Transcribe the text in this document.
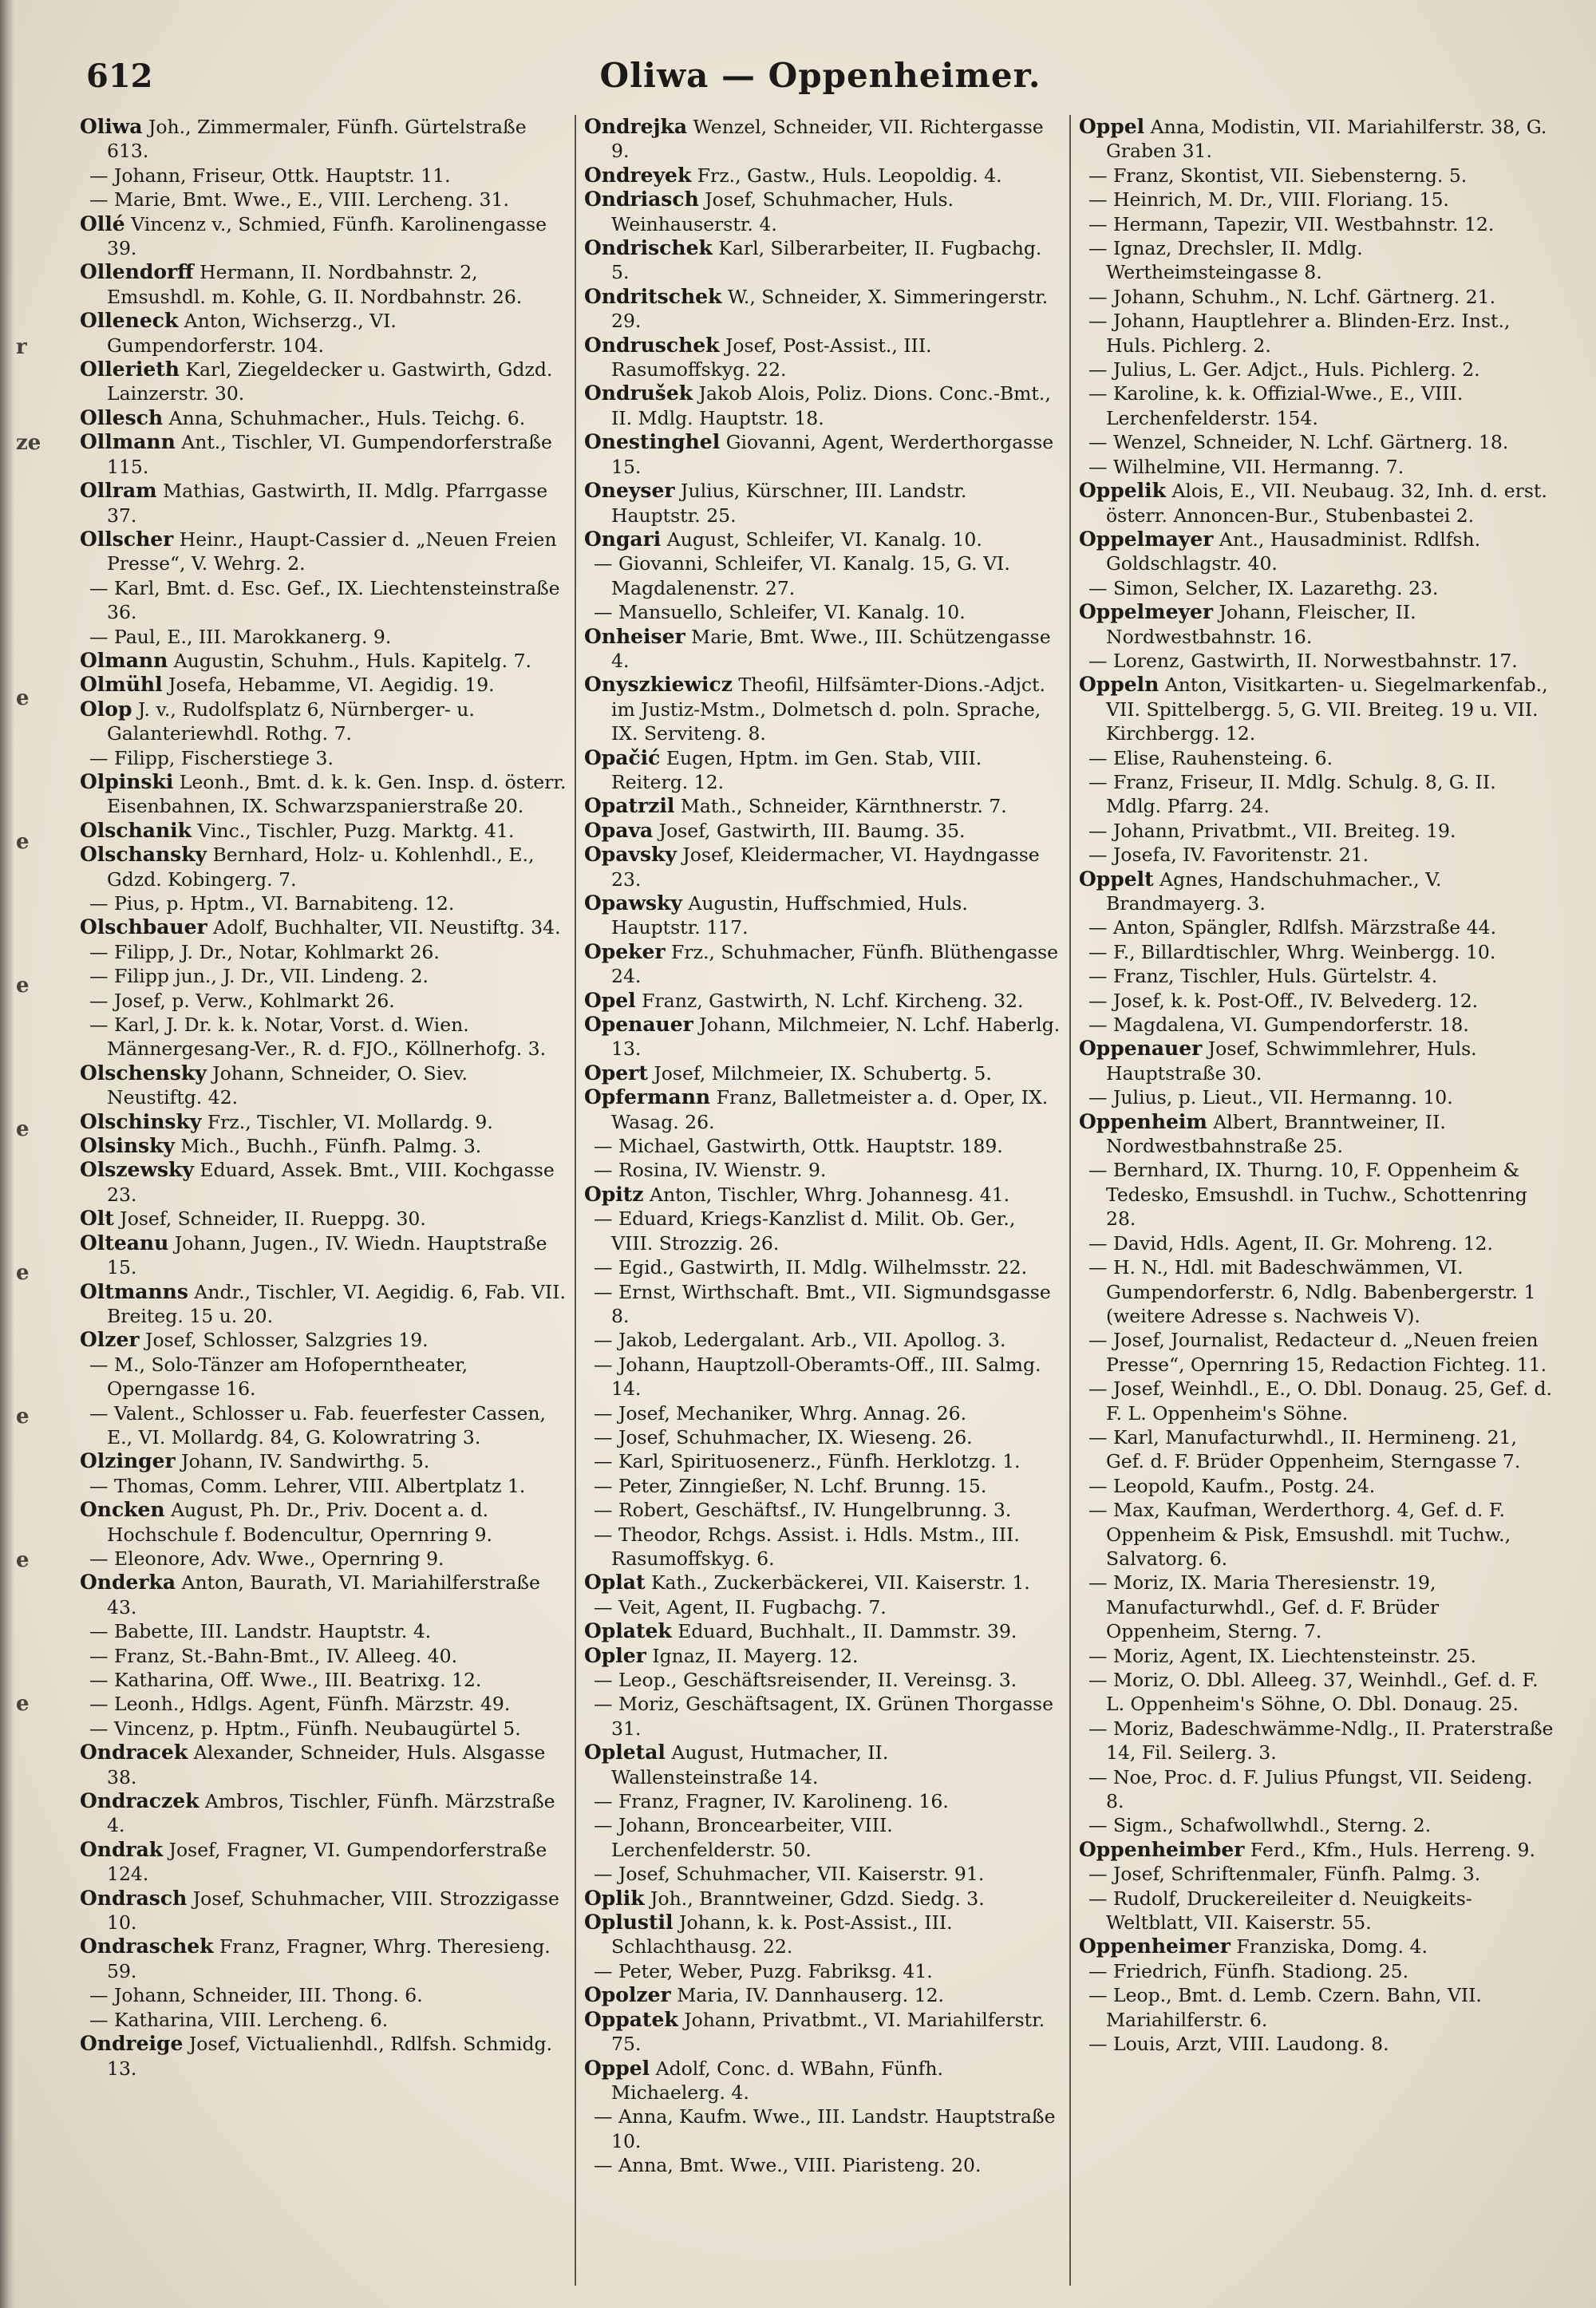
r
ze
e
e
e
e
e
e
e
e
612	Oliwa — Oppenheimer.

Oliwa Joh., Zimmermaler, Fünfh. Gürtelstraße 613.

— Johann, Friseur, Ottk. Hauptstr. 11.

— Marie, Bmt. Wwe., E., VIII. Lercheng. 31.

Ollé Vincenz v., Schmied, Fünfh. Karolinengasse 39.

Ollendorff Hermann, II. Nordbahnstr. 2, Emsushdl. m. Kohle, G. II. Nordbahnstr. 26.

Olleneck Anton, Wichserzg., VI. Gumpendorferstr. 104.

Ollerieth Karl, Ziegeldecker u. Gastwirth, Gdzd. Lainzerstr. 30.

Ollesch Anna, Schuhmacher., Huls. Teichg. 6.

Ollmann Ant., Tischler, VI. Gumpendorferstraße 115.

Ollram Mathias, Gastwirth, II. Mdlg. Pfarrgasse 37.

Ollscher Heinr., Haupt-Cassier d. „Neuen Freien Presse“, V. Wehrg. 2.

— Karl, Bmt. d. Esc. Gef., IX. Liechtensteinstraße 36.

— Paul, E., III. Marokkanerg. 9.

Olmann Augustin, Schuhm., Huls. Kapitelg. 7.

Olmühl Josefa, Hebamme, VI. Aegidig. 19.

Olop J. v., Rudolfsplatz 6, Nürnberger- u. Galanteriewhdl. Rothg. 7.

— Filipp, Fischerstiege 3.

Olpinski Leonh., Bmt. d. k. k. Gen. Insp. d. österr. Eisenbahnen, IX. Schwarzspanierstraße 20.

Olschanik Vinc., Tischler, Puzg. Marktg. 41.

Olschansky Bernhard, Holz- u. Kohlenhdl., E., Gdzd. Kobingerg. 7.

— Pius, p. Hptm., VI. Barnabiteng. 12.

Olschbauer Adolf, Buchhalter, VII. Neustiftg. 34.

— Filipp, J. Dr., Notar, Kohlmarkt 26.

— Filipp jun., J. Dr., VII. Lindeng. 2.

— Josef, p. Verw., Kohlmarkt 26.

— Karl, J. Dr. k. k. Notar, Vorst. d. Wien. Männergesang-Ver., R. d. FJO., Köllnerhofg. 3.

Olschensky Johann, Schneider, O. Siev. Neustiftg. 42.

Olschinsky Frz., Tischler, VI. Mollardg. 9.

Olsinsky Mich., Buchh., Fünfh. Palmg. 3.

Olszewsky Eduard, Assek. Bmt., VIII. Kochgasse 23.

Olt Josef, Schneider, II. Rueppg. 30.

Olteanu Johann, Jugen., IV. Wiedn. Hauptstraße 15.

Oltmanns Andr., Tischler, VI. Aegidig. 6, Fab. VII. Breiteg. 15 u. 20.

Olzer Josef, Schlosser, Salzgries 19.

— M., Solo-Tänzer am Hofoperntheater, Operngasse 16.

— Valent., Schlosser u. Fab. feuerfester Cassen, E., VI. Mollardg. 84, G. Kolowratring 3.

Olzinger Johann, IV. Sandwirthg. 5.

— Thomas, Comm. Lehrer, VIII. Albertplatz 1.

Oncken August, Ph. Dr., Priv. Docent a. d. Hochschule f. Bodencultur, Opernring 9.

— Eleonore, Adv. Wwe., Opernring 9.

Onderka Anton, Baurath, VI. Mariahilferstraße 43.

— Babette, III. Landstr. Hauptstr. 4.

— Franz, St.-Bahn-Bmt., IV. Alleeg. 40.

— Katharina, Off. Wwe., III. Beatrixg. 12.

— Leonh., Hdlgs. Agent, Fünfh. Märzstr. 49.

— Vincenz, p. Hptm., Fünfh. Neubaugürtel 5.

Ondracek Alexander, Schneider, Huls. Alsgasse 38.

Ondraczek Ambros, Tischler, Fünfh. Märzstraße 4.

Ondrak Josef, Fragner, VI. Gumpendorferstraße 124.

Ondrasch Josef, Schuhmacher, VIII. Strozzigasse 10.

Ondraschek Franz, Fragner, Whrg. Theresieng. 59.

— Johann, Schneider, III. Thong. 6.

— Katharina, VIII. Lercheng. 6.

Ondreige Josef, Victualienhdl., Rdlfsh. Schmidg. 13.

Ondrejka Wenzel, Schneider, VII. Richtergasse 9.

Ondreyek Frz., Gastw., Huls. Leopoldig. 4.

Ondriasch Josef, Schuhmacher, Huls. Weinhauserstr. 4.

Ondrischek Karl, Silberarbeiter, II. Fugbachg. 5.

Ondritschek W., Schneider, X. Simmeringerstr. 29.

Ondruschek Josef, Post-Assist., III. Rasumoffskyg. 22.

Ondrušek Jakob Alois, Poliz. Dions. Conc.-Bmt., II. Mdlg. Hauptstr. 18.

Onestinghel Giovanni, Agent, Werderthorgasse 15.

Oneyser Julius, Kürschner, III. Landstr. Hauptstr. 25.

Ongari August, Schleifer, VI. Kanalg. 10.

— Giovanni, Schleifer, VI. Kanalg. 15, G. VI. Magdalenenstr. 27.

— Mansuello, Schleifer, VI. Kanalg. 10.

Onheiser Marie, Bmt. Wwe., III. Schützengasse 4.

Onyszkiewicz Theofil, Hilfsämter-Dions.-Adjct. im Justiz-Mstm., Dolmetsch d. poln. Sprache, IX. Serviteng. 8.

Opačić Eugen, Hptm. im Gen. Stab, VIII. Reiterg. 12.

Opatrzil Math., Schneider, Kärnthnerstr. 7.

Opava Josef, Gastwirth, III. Baumg. 35.

Opavsky Josef, Kleidermacher, VI. Haydngasse 23.

Opawsky Augustin, Huffschmied, Huls. Hauptstr. 117.

Opeker Frz., Schuhmacher, Fünfh. Blüthengasse 24.

Opel Franz, Gastwirth, N. Lchf. Kircheng. 32.

Openauer Johann, Milchmeier, N. Lchf. Haberlg. 13.

Opert Josef, Milchmeier, IX. Schubertg. 5.

Opfermann Franz, Balletmeister a. d. Oper, IX. Wasag. 26.

— Michael, Gastwirth, Ottk. Hauptstr. 189.

— Rosina, IV. Wienstr. 9.

Opitz Anton, Tischler, Whrg. Johannesg. 41.

— Eduard, Kriegs-Kanzlist d. Milit. Ob. Ger., VIII. Strozzig. 26.

— Egid., Gastwirth, II. Mdlg. Wilhelmsstr. 22.

— Ernst, Wirthschaft. Bmt., VII. Sigmundsgasse 8.

— Jakob, Ledergalant. Arb., VII. Apollog. 3.

— Johann, Hauptzoll-Oberamts-Off., III. Salmg. 14.

— Josef, Mechaniker, Whrg. Annag. 26.

— Josef, Schuhmacher, IX. Wieseng. 26.

— Karl, Spirituosenerz., Fünfh. Herklotzg. 1.

— Peter, Zinngießer, N. Lchf. Brunng. 15.

— Robert, Geschäftsf., IV. Hungelbrunng. 3.

— Theodor, Rchgs. Assist. i. Hdls. Mstm., III. Rasumoffskyg. 6.

Oplat Kath., Zuckerbäckerei, VII. Kaiserstr. 1.

— Veit, Agent, II. Fugbachg. 7.

Oplatek Eduard, Buchhalt., II. Dammstr. 39.

Opler Ignaz, II. Mayerg. 12.

— Leop., Geschäftsreisender, II. Vereinsg. 3.

— Moriz, Geschäftsagent, IX. Grünen Thorgasse 31.

Opletal August, Hutmacher, II. Wallensteinstraße 14.

— Franz, Fragner, IV. Karolineng. 16.

— Johann, Broncearbeiter, VIII. Lerchenfelderstr. 50.

— Josef, Schuhmacher, VII. Kaiserstr. 91.

Oplik Joh., Branntweiner, Gdzd. Siedg. 3.

Oplustil Johann, k. k. Post-Assist., III. Schlachthausg. 22.

— Peter, Weber, Puzg. Fabriksg. 41.

Opolzer Maria, IV. Dannhauserg. 12.

Oppatek Johann, Privatbmt., VI. Mariahilferstr. 75.

Oppel Adolf, Conc. d. WBahn, Fünfh. Michaelerg. 4.

— Anna, Kaufm. Wwe., III. Landstr. Hauptstraße 10.

— Anna, Bmt. Wwe., VIII. Piaristeng. 20.

Oppel Anna, Modistin, VII. Mariahilferstr. 38, G. Graben 31.

— Franz, Skontist, VII. Siebensterng. 5.

— Heinrich, M. Dr., VIII. Floriang. 15.

— Hermann, Tapezir, VII. Westbahnstr. 12.

— Ignaz, Drechsler, II. Mdlg. Wertheimsteingasse 8.

— Johann, Schuhm., N. Lchf. Gärtnerg. 21.

— Johann, Hauptlehrer a. Blinden-Erz. Inst., Huls. Pichlerg. 2.

— Julius, L. Ger. Adjct., Huls. Pichlerg. 2.

— Karoline, k. k. Offizial-Wwe., E., VIII. Lerchenfelderstr. 154.

— Wenzel, Schneider, N. Lchf. Gärtnerg. 18.

— Wilhelmine, VII. Hermanng. 7.

Oppelik Alois, E., VII. Neubaug. 32, Inh. d. erst. österr. Annoncen-Bur., Stubenbastei 2.

Oppelmayer Ant., Hausadminist. Rdlfsh. Goldschlagstr. 40.

— Simon, Selcher, IX. Lazarethg. 23.

Oppelmeyer Johann, Fleischer, II. Nordwestbahnstr. 16.

— Lorenz, Gastwirth, II. Norwestbahnstr. 17.

Oppeln Anton, Visitkarten- u. Siegelmarkenfab., VII. Spittelbergg. 5, G. VII. Breiteg. 19 u. VII. Kirchbergg. 12.

— Elise, Rauhensteing. 6.

— Franz, Friseur, II. Mdlg. Schulg. 8, G. II. Mdlg. Pfarrg. 24.

— Johann, Privatbmt., VII. Breiteg. 19.

— Josefa, IV. Favoritenstr. 21.

Oppelt Agnes, Handschuhmacher., V. Brandmayerg. 3.

— Anton, Spängler, Rdlfsh. Märzstraße 44.

— F., Billardtischler, Whrg. Weinbergg. 10.

— Franz, Tischler, Huls. Gürtelstr. 4.

— Josef, k. k. Post-Off., IV. Belvederg. 12.

— Magdalena, VI. Gumpendorferstr. 18.

Oppenauer Josef, Schwimmlehrer, Huls. Hauptstraße 30.

— Julius, p. Lieut., VII. Hermanng. 10.

Oppenheim Albert, Branntweiner, II. Nordwestbahnstraße 25.

— Bernhard, IX. Thurng. 10, F. Oppenheim & Tedesko, Emsushdl. in Tuchw., Schottenring 28.

— David, Hdls. Agent, II. Gr. Mohreng. 12.

— H. N., Hdl. mit Badeschwämmen, VI. Gumpendorferstr. 6, Ndlg. Babenbergerstr. 1 (weitere Adresse s. Nachweis V).

— Josef, Journalist, Redacteur d. „Neuen freien Presse“, Opernring 15, Redaction Fichteg. 11.

— Josef, Weinhdl., E., O. Dbl. Donaug. 25, Gef. d. F. L. Oppenheim's Söhne.

— Karl, Manufacturwhdl., II. Hermineng. 21, Gef. d. F. Brüder Oppenheim, Sterngasse 7.

— Leopold, Kaufm., Postg. 24.

— Max, Kaufman, Werderthorg. 4, Gef. d. F. Oppenheim & Pisk, Emsushdl. mit Tuchw., Salvatorg. 6.

— Moriz, IX. Maria Theresienstr. 19, Manufacturwhdl., Gef. d. F. Brüder Oppenheim, Sterng. 7.

— Moriz, Agent, IX. Liechtensteinstr. 25.

— Moriz, O. Dbl. Alleeg. 37, Weinhdl., Gef. d. F. L. Oppenheim's Söhne, O. Dbl. Donaug. 25.

— Moriz, Badeschwämme-Ndlg., II. Praterstraße 14, Fil. Seilerg. 3.

— Noe, Proc. d. F. Julius Pfungst, VII. Seideng. 8.

— Sigm., Schafwollwhdl., Sterng. 2.

Oppenheimber Ferd., Kfm., Huls. Herreng. 9.

— Josef, Schriftenmaler, Fünfh. Palmg. 3.

— Rudolf, Druckereileiter d. Neuigkeits-Weltblatt, VII. Kaiserstr. 55.

Oppenheimer Franziska, Domg. 4.

— Friedrich, Fünfh. Stadiong. 25.

— Leop., Bmt. d. Lemb. Czern. Bahn, VII. Mariahilferstr. 6.

— Louis, Arzt, VIII. Laudong. 8.
